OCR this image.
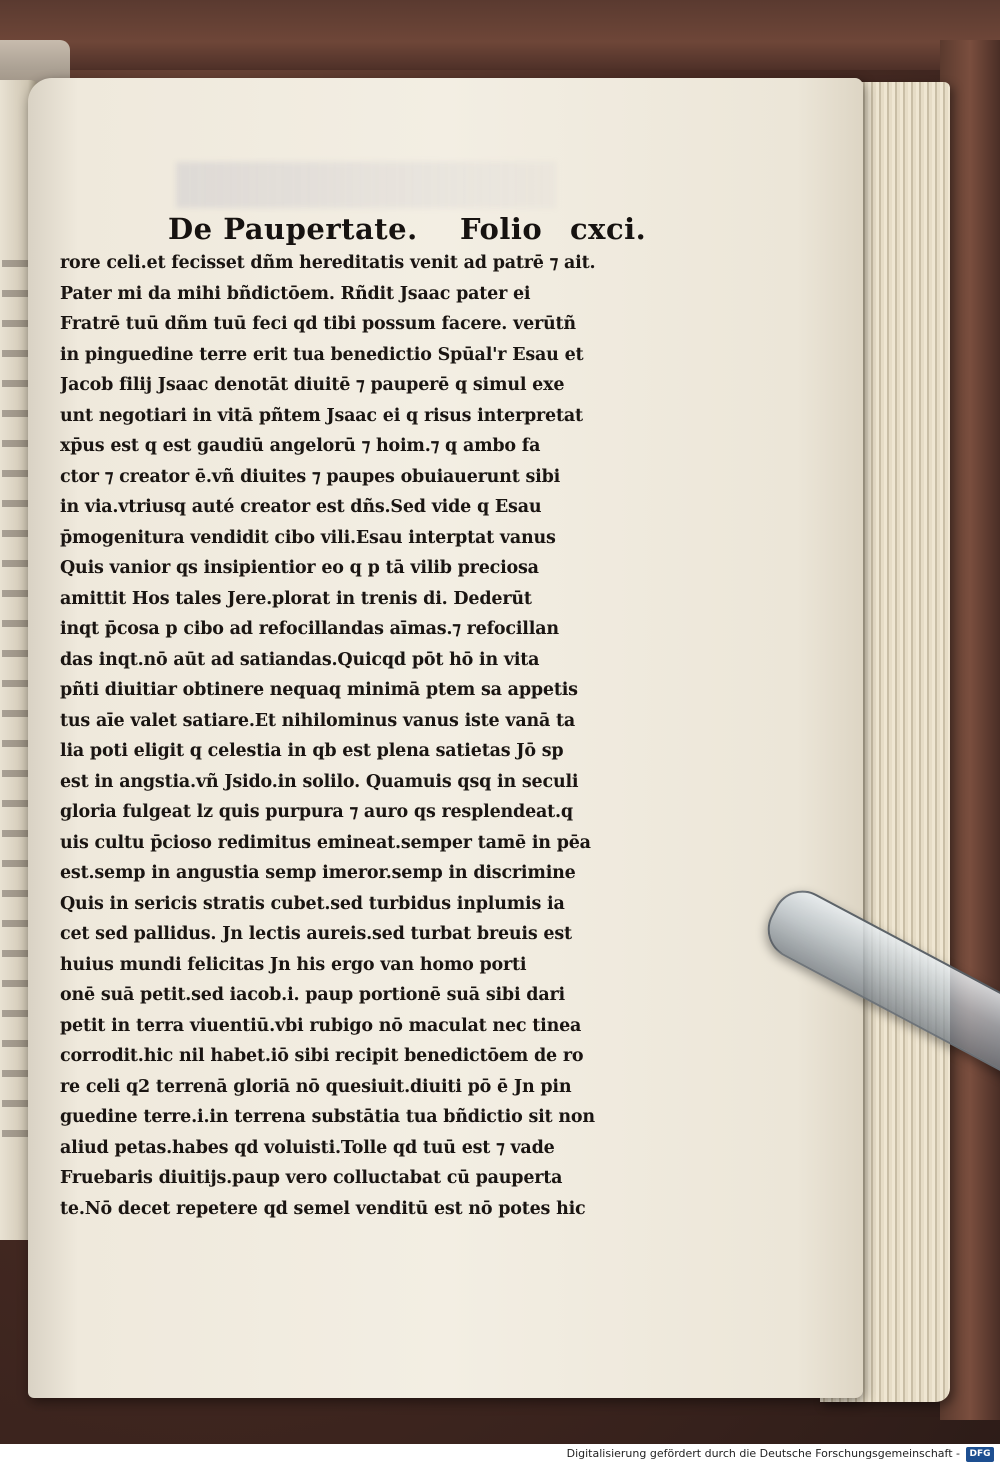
De Paupertate. Folio cxci.
rore celi.et fecisset dñm hereditatis venit ad patrē ⁊ ait.
Pater mi da mihi bñdictōem. Rñdit Jsaac pater ei
Fratrē tuū dñm tuū feci qd tibi possum facere. verūtñ
in pinguedine terre erit tua benedictio Spūal'r Esau et
Jacob filij Jsaac denotāt diuitē ⁊ pauperē q simul exe
unt negotiari in vitā pñtem Jsaac ei q risus interpretat
xp̄us est q est gaudiū angelorū ⁊ hoim.⁊ q ambo fa
ctor ⁊ creator ē.vñ diuites ⁊ paupes obuiauerunt sibi
in via.vtriusq auté creator est dñs.Sed vide q Esau
p̄mogenitura vendidit cibo vili.Esau interptat vanus
Quis vanior qs insipientior eo q p tā vilib preciosa
amittit Hos tales Jere.plorat in trenis di. Dederūt
inqt p̄cosa p cibo ad refocillandas aīmas.⁊ refocillan
das inqt.nō aūt ad satiandas.Quicqd pōt hō in vita
pñti diuitiar obtinere nequaq minimā ptem sa appetis
tus aīe valet satiare.Et nihilominus vanus iste vanā ta
lia poti eligit q celestia in qb est plena satietas Jō sp
est in angstia.vñ Jsido.in solilo. Quamuis qsq in seculi
gloria fulgeat lz quis purpura ⁊ auro qs resplendeat.q
uis cultu p̄cioso redimitus emineat.semper tamē in pēa
est.semp in angustia semp imeror.semp in discrimine
Quis in sericis stratis cubet.sed turbidus inplumis ia
cet sed pallidus. Jn lectis aureis.sed turbat breuis est
huius mundi felicitas Jn his ergo van homo porti
onē suā petit.sed iacob.i. paup portionē suā sibi dari
petit in terra viuentiū.vbi rubigo nō maculat nec tinea
corrodit.hic nil habet.iō sibi recipit benedictōem de ro
re celi q2 terrenā gloriā nō quesiuit.diuiti pō ē Jn pin
guedine terre.i.in terrena substātia tua bñdictio sit non
aliud petas.habes qd voluisti.Tolle qd tuū est ⁊ vade
Fruebaris diuitijs.paup vero colluctabat cū pauperta
te.Nō decet repetere qd semel venditū est nō potes hic
Digitalisierung gefördert durch die Deutsche Forschungsgemeinschaft -	DFG
